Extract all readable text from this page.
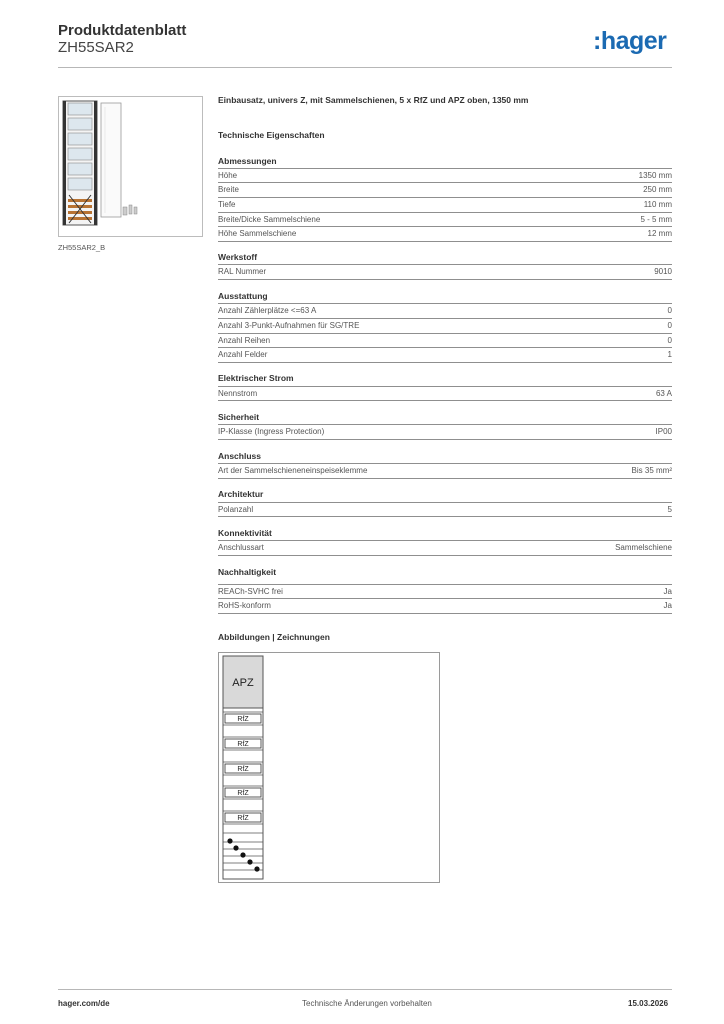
Produktdatenblatt
ZH55SAR2	:hager
ZH55SAR2_B
Einbausatz, univers Z, mit Sammelschienen, 5 x RfZ und APZ oben, 1350 mm
Technische Eigenschaften
Abmessungen
Höhe	1350 mm
Breite	250 mm
Tiefe	110 mm
Breite/Dicke Sammelschiene	5 - 5 mm
Höhe Sammelschiene	12 mm
Werkstoff
RAL Nummer	9010
Ausstattung
Anzahl Zählerplätze <=63 A	0
Anzahl 3-Punkt-Aufnahmen für SG/TRE	0
Anzahl Reihen	0
Anzahl Felder	1
Elektrischer Strom
Nennstrom	63 A
Sicherheit
IP-Klasse (Ingress Protection)	IP00
Anschluss
Art der Sammelschieneneinspeiseklemme	Bis 35 mm²
Architektur
Polanzahl	5
Konnektivität
Anschlussart	Sammelschiene
Nachhaltigkeit
REACh-SVHC frei	Ja
RoHS-konform	Ja
Abbildungen | Zeichnungen
APZ
RfZ
RfZ
RfZ
RfZ
RfZ
hager.com/de	Technische Änderungen vorbehalten	15.03.2026
